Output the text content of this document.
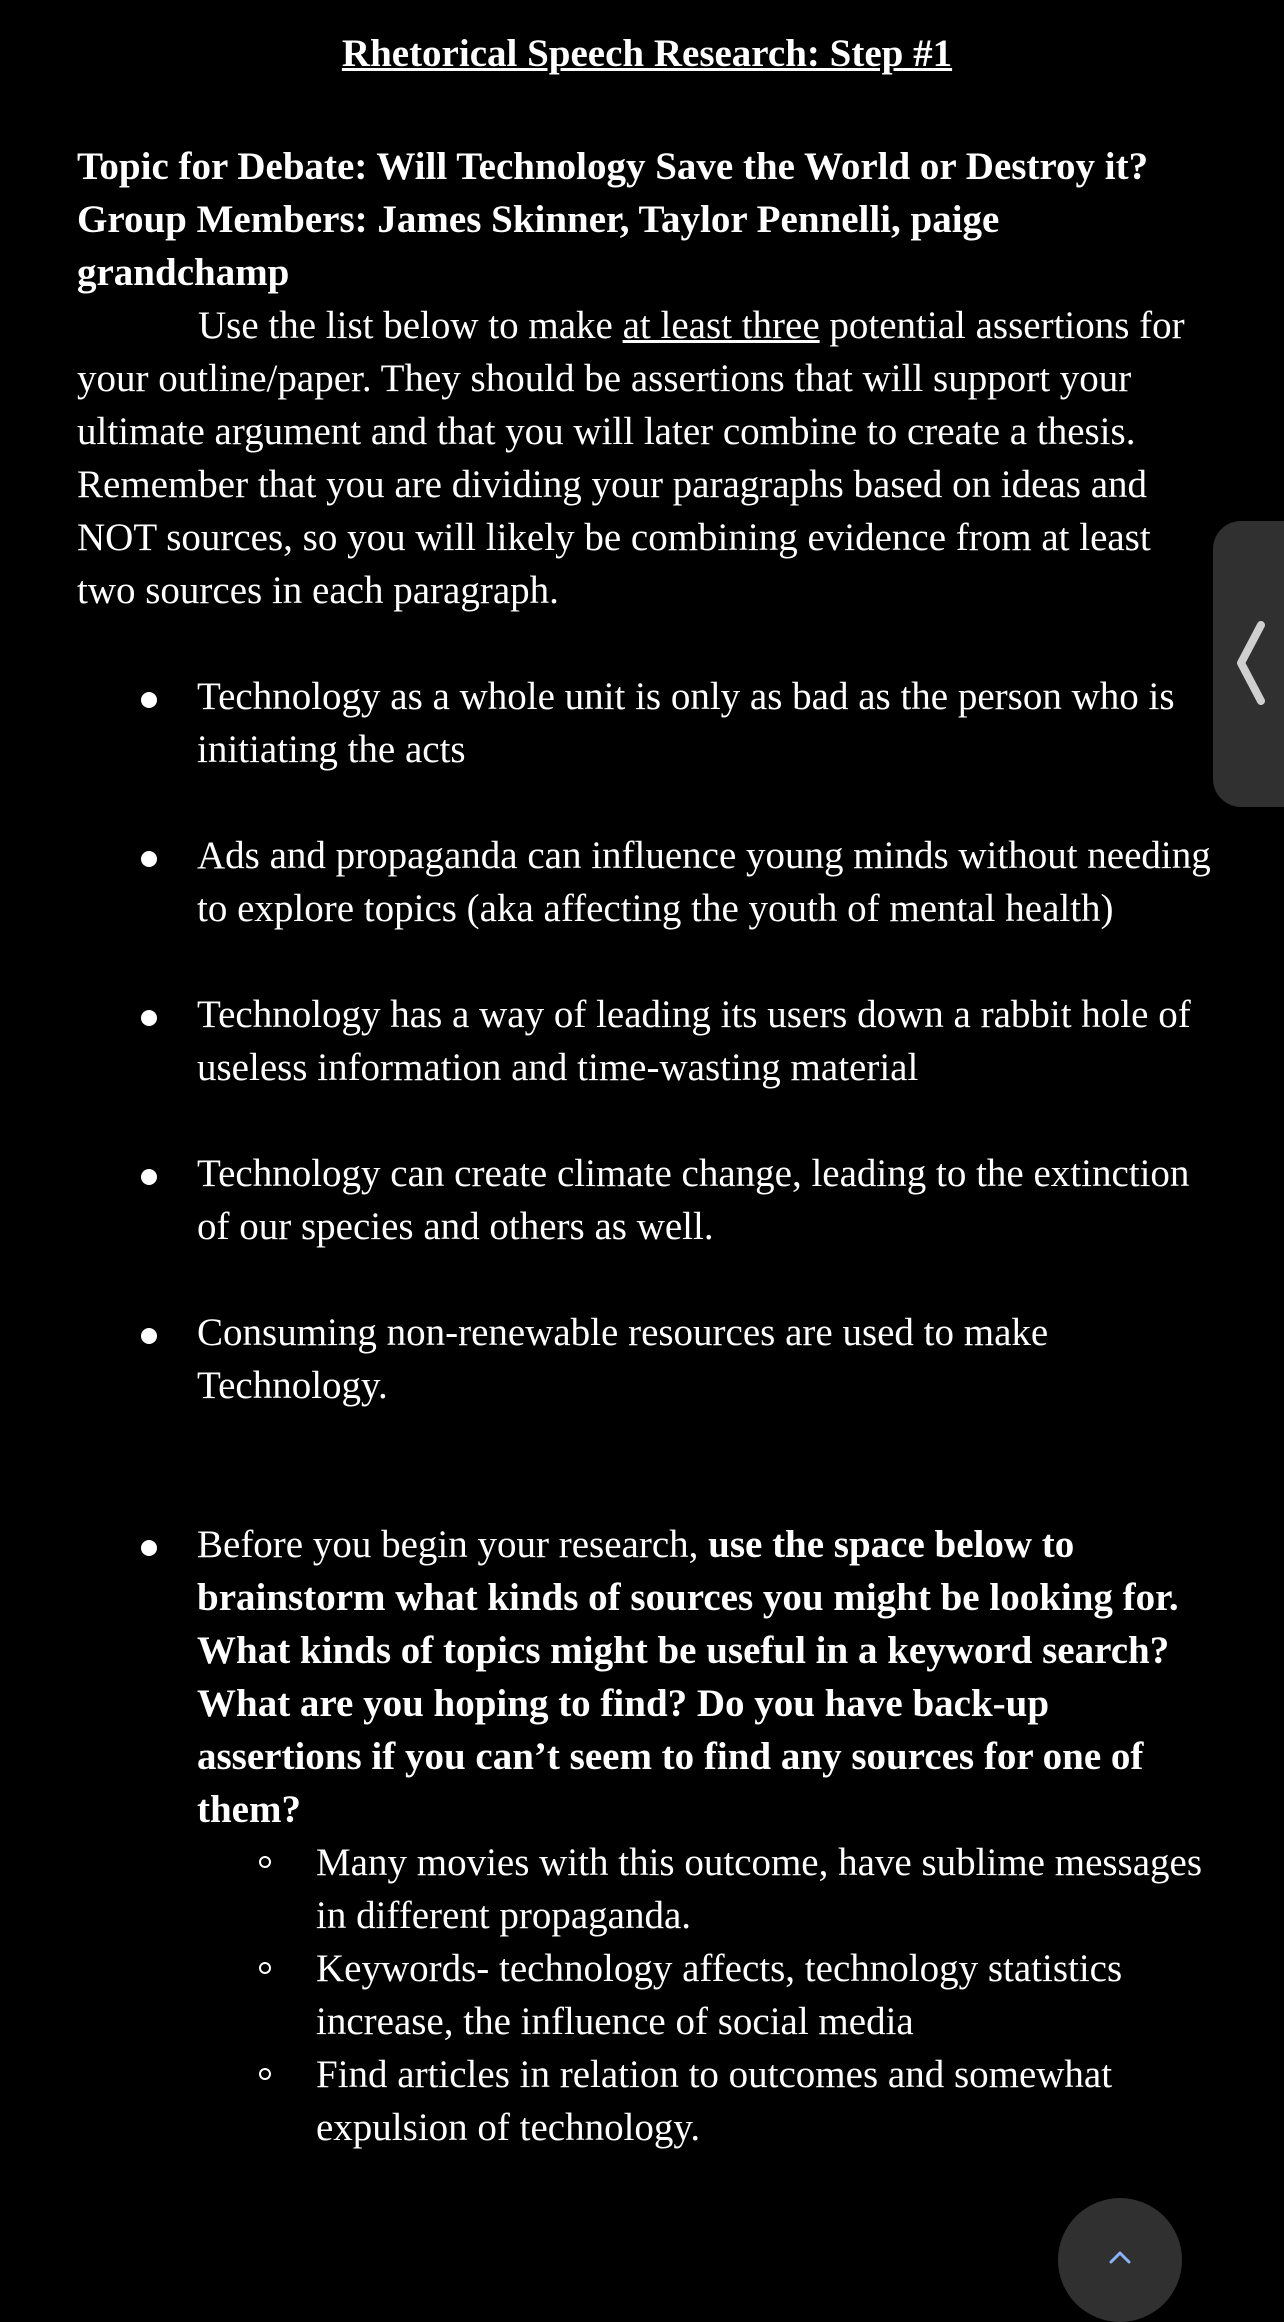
Rhetorical Speech Research: Step #1

Topic for Debate: Will Technology Save the World or Destroy it?

Group Members: James Skinner, Taylor Pennelli, paige grandchamp

Use the list below to make at least three potential assertions for your outline/paper. They should be assertions that will support your ultimate argument and that you will later combine to create a thesis. Remember that you are dividing your paragraphs based on ideas and NOT sources, so you will likely be combining evidence from at least two sources in each paragraph.

Technology as a whole unit is only as bad as the person who is initiating the acts
Ads and propaganda can influence young minds without needing to explore topics (aka affecting the youth of mental health)
Technology has a way of leading its users down a rabbit hole of useless information and time-wasting material
Technology can create climate change, leading to the extinction of our species and others as well.
Consuming non-renewable resources are used to make Technology.
Before you begin your research, use the space below to brainstorm what kinds of sources you might be looking for. What kinds of topics might be useful in a keyword search? What are you hoping to find? Do you have back-up assertions if you can’t seem to find any sources for one of them?
Many movies with this outcome, have sublime messages in different propaganda.
Keywords- technology affects, technology statistics increase, the influence of social media
Find articles in relation to outcomes and somewhat expulsion of technology.
